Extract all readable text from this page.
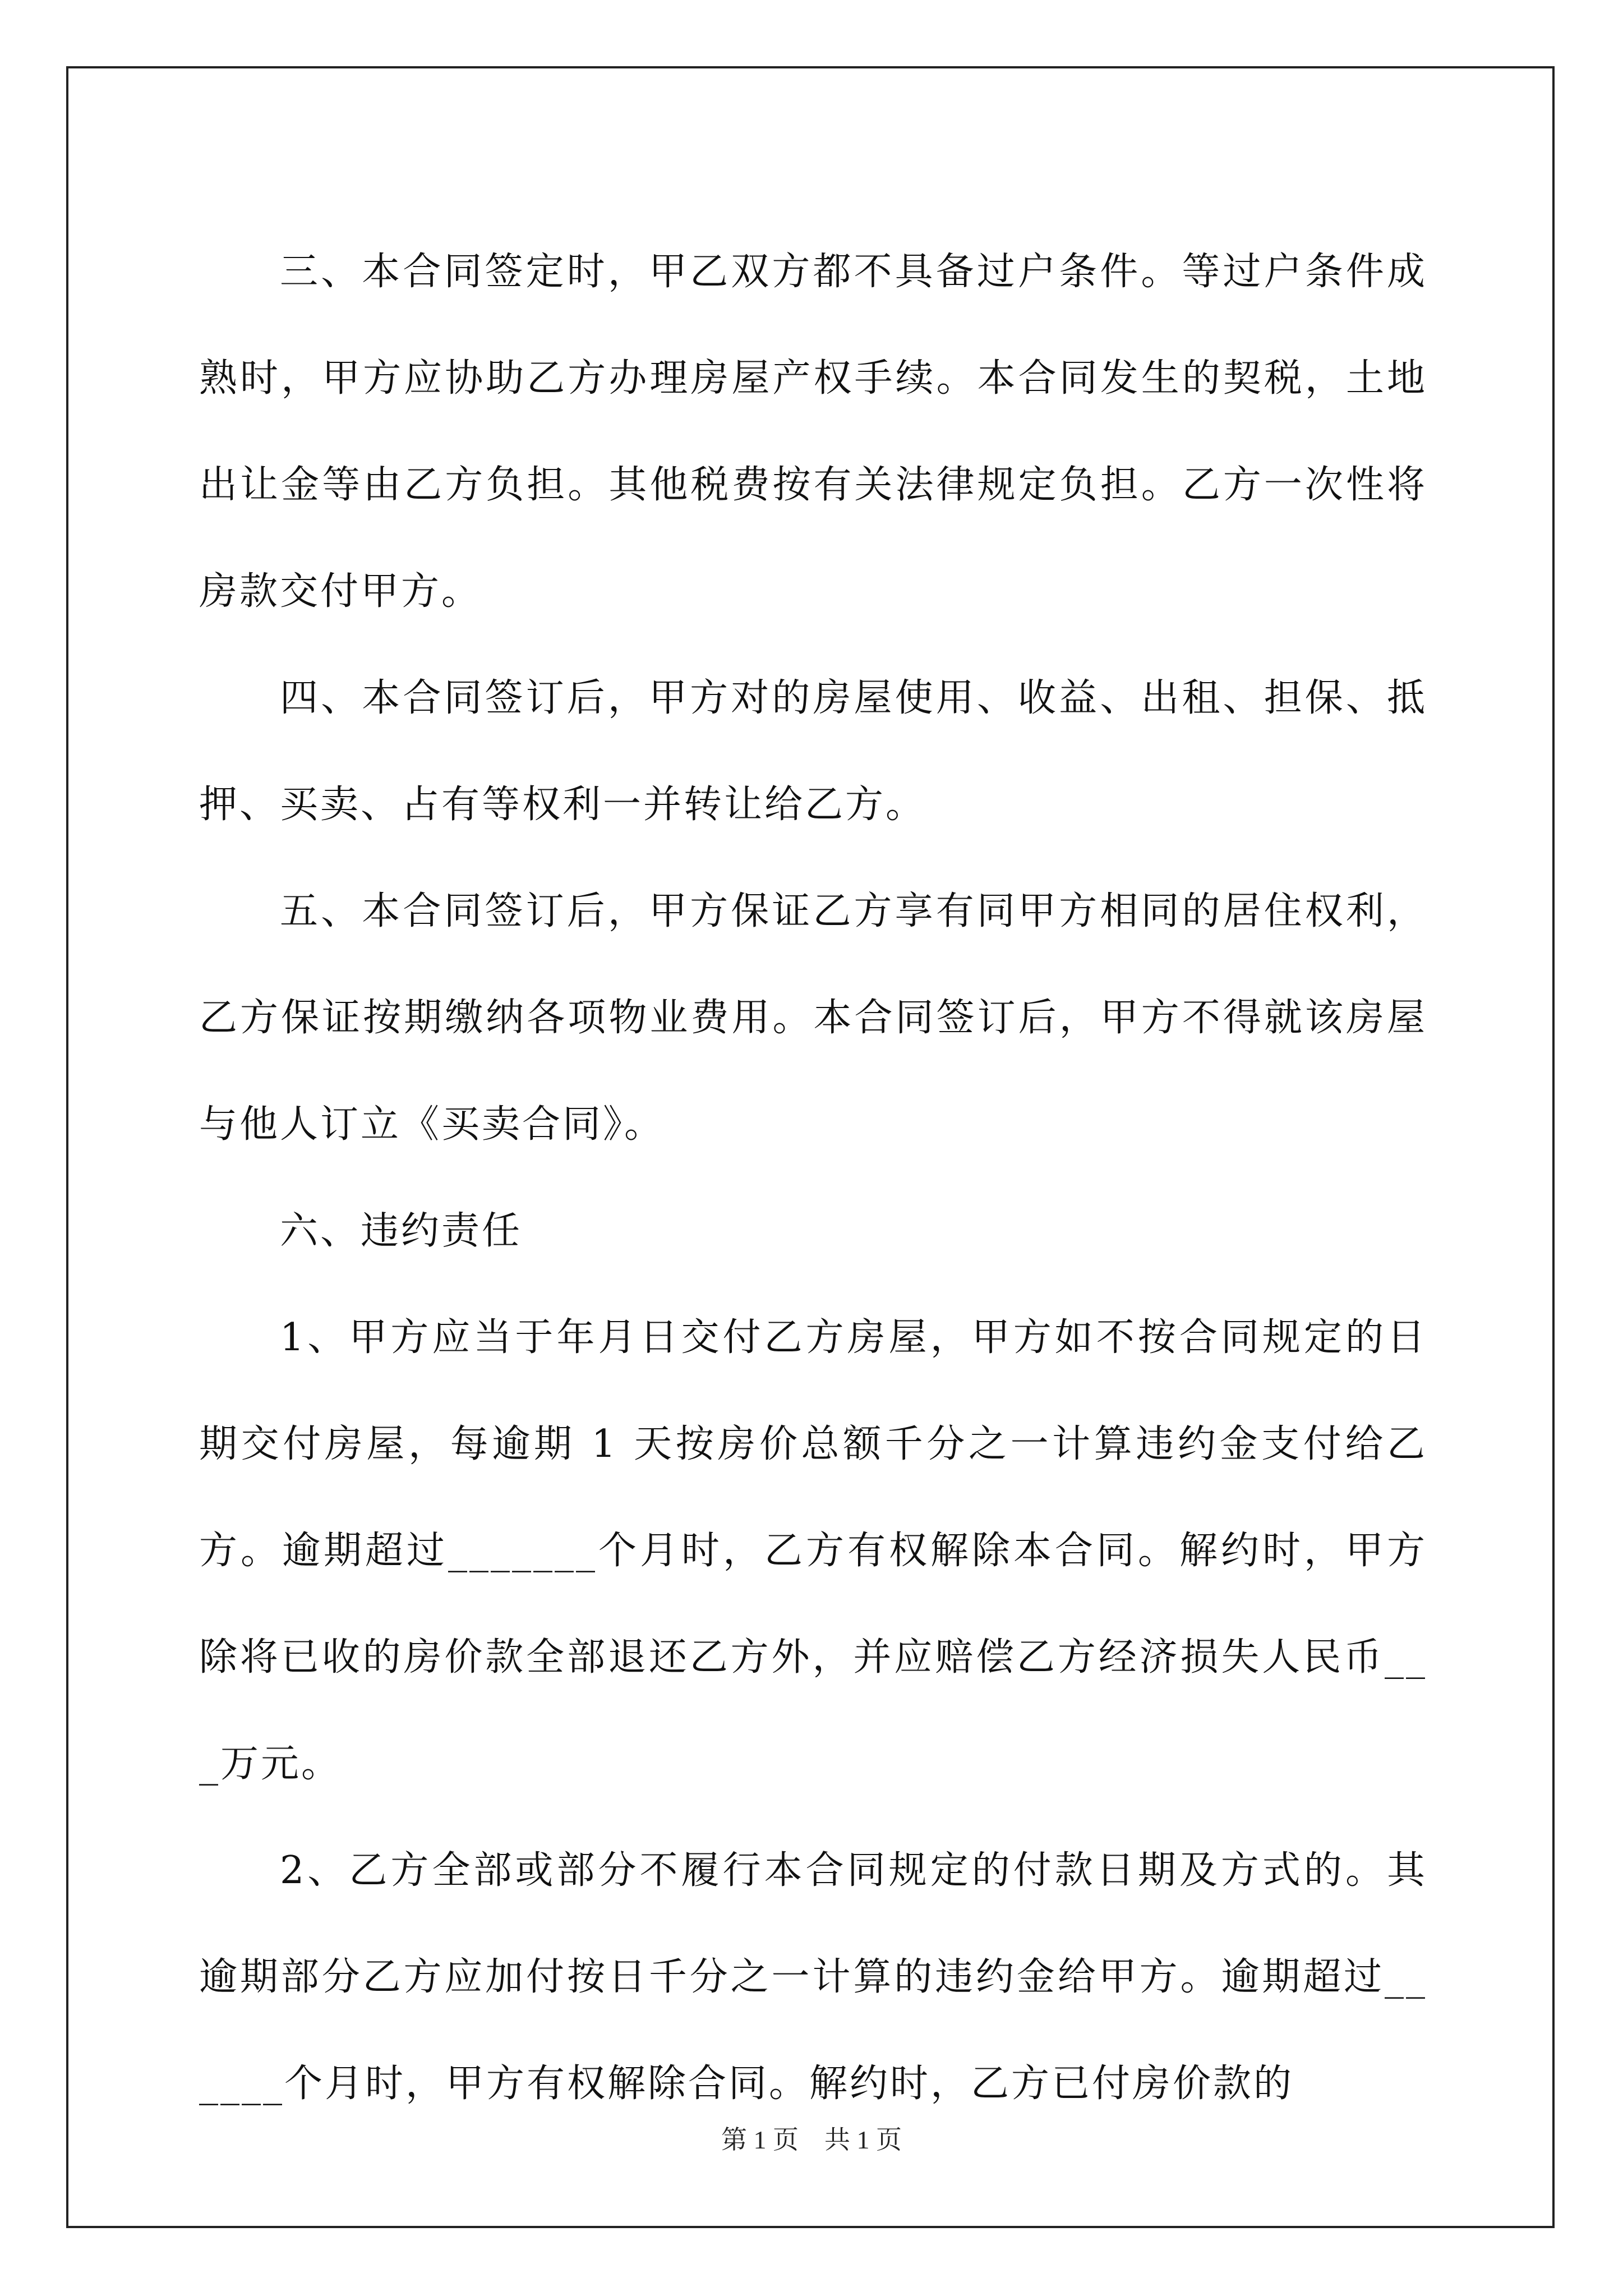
三、本合同签定时，甲乙双方都不具备过户条件。等过户条件成熟时，甲方应协助乙方办理房屋产权手续。本合同发生的契税，土地出让金等由乙方负担。其他税费按有关法律规定负担。乙方一次性将房款交付甲方。

四、本合同签订后，甲方对的房屋使用、收益、出租、担保、抵押、买卖、占有等权利一并转让给乙方。

五、本合同签订后，甲方保证乙方享有同甲方相同的居住权利，乙方保证按期缴纳各项物业费用。本合同签订后，甲方不得就该房屋与他人订立《买卖合同》。

六、违约责任

1、甲方应当于年月日交付乙方房屋，甲方如不按合同规定的日期交付房屋，每逾期 1 天按房价总额千分之一计算违约金支付给乙方。逾期超过_______个月时，乙方有权解除本合同。解约时，甲方除将已收的房价款全部退还乙方外，并应赔偿乙方经济损失人民币___万元。

2、乙方全部或部分不履行本合同规定的付款日期及方式的。其逾期部分乙方应加付按日千分之一计算的违约金给甲方。逾期超过______个月时，甲方有权解除合同。解约时，乙方已付房价款的

第 1 页　共 1 页
